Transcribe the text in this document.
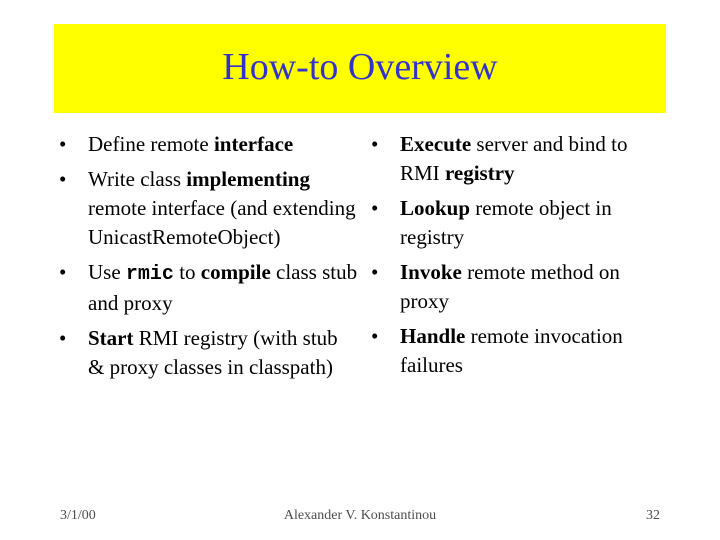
How-to Overview
•	Define remote interface
•	Write class implementing remote interface (and extending UnicastRemoteObject)
•	Use rmic to compile class stub and proxy
•	Start RMI registry (with stub & proxy classes in classpath)
•	Execute server and bind to RMI registry
•	Lookup remote object in registry
•	Invoke remote method on proxy
•	Handle remote invocation failures
3/1/00	Alexander V. Konstantinou	32
